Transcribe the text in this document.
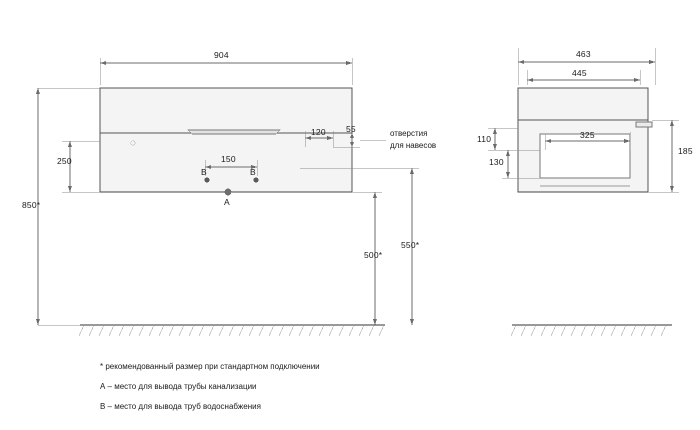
904
250
850*
150
120 55
500*
550*
B	B
A
отверстия
для навесов
463
445
325
110
130
185
* рекомендованный размер при стандартном подключении
А – место для вывода трубы канализации
В – место для вывода труб водоснабжения
